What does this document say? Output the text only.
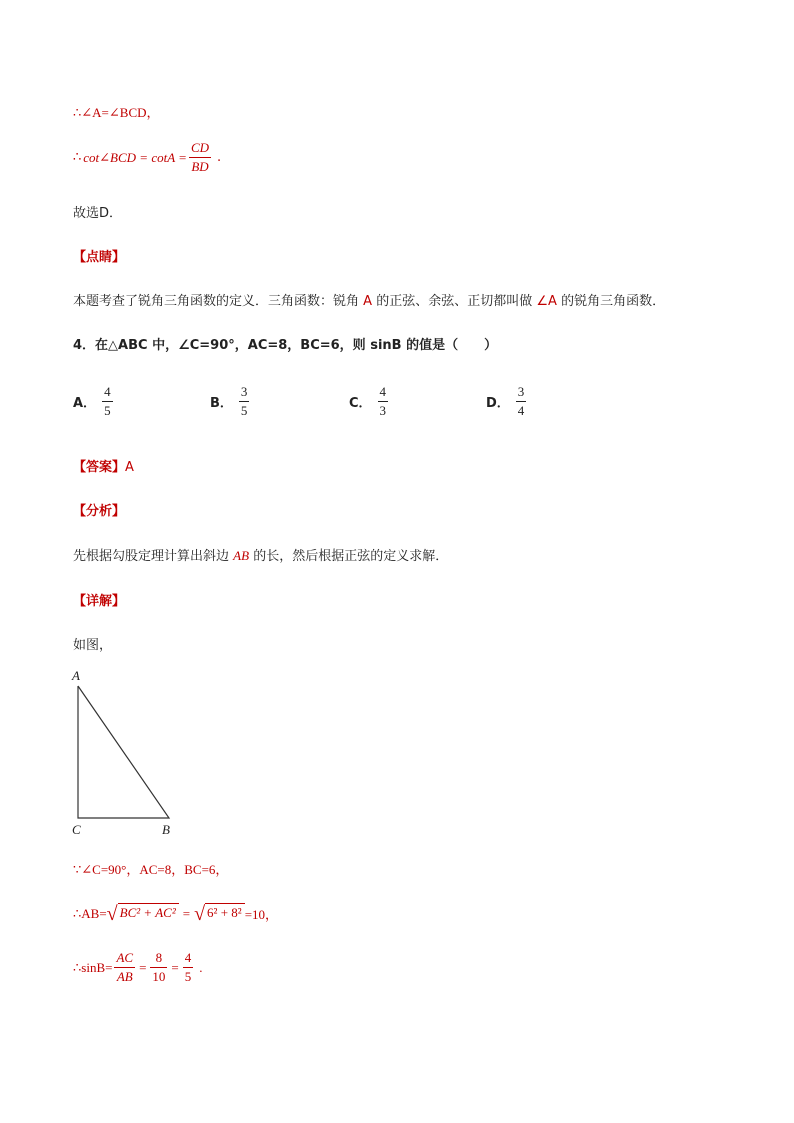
∴∠A=∠BCD，
∴ cot∠BCD = $\cot A = \frac{CD}{BD}$ .
故选D．
【点睛】
本题考查了锐角三角函数的定义．三角函数：锐角 A 的正弦、余弦、正切都叫做 ∠A 的锐角三角函数．
4．在△ABC 中，∠C=90°，AC=8，BC=6，则 sinB 的值是（　　）
A． $\frac{4}{5}$	B． $\frac{3}{5}$	C． $\frac{4}{3}$	D． $\frac{3}{4}$
【答案】A
【分析】
先根据勾股定理计算出斜边 AB 的长，然后根据正弦的定义求解．
【详解】
如图，
A
C	B
∵∠C=90°，AC=8，BC=6，
∴AB= √ BC² + AC² = √ 6² + 8² =10，
∴sinB= $\frac{AC}{AB} = \frac{8}{10} = \frac{4}{5}$ .
